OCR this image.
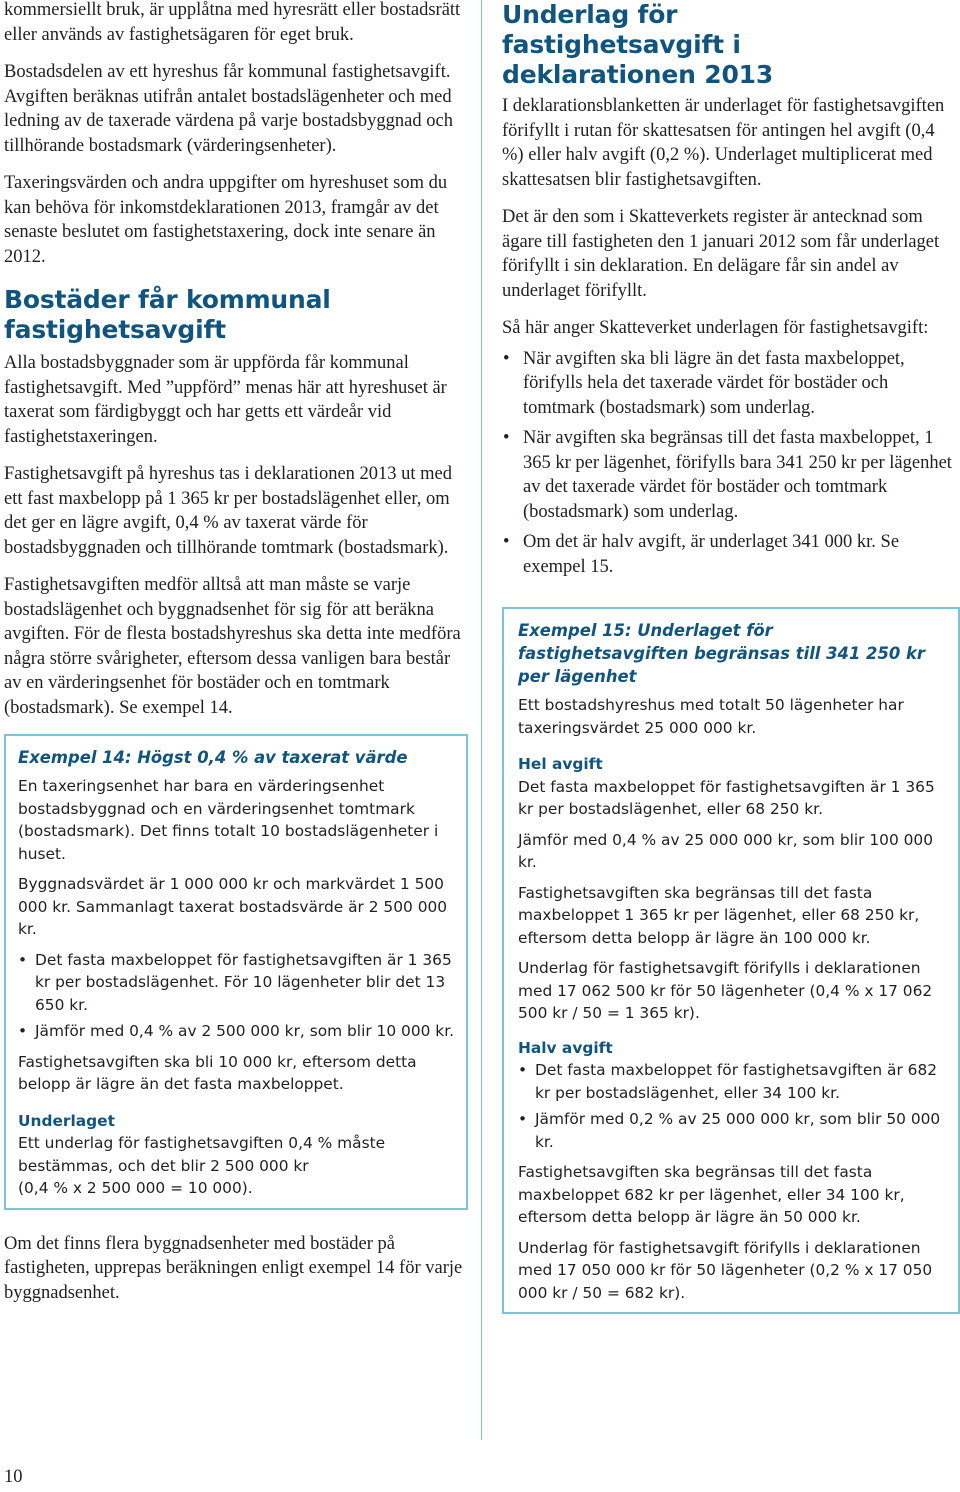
kommersiellt bruk, är upplåtna med hyresrätt eller bostadsrätt eller används av fastighetsägaren för eget bruk.

Bostadsdelen av ett hyreshus får kommunal fastighetsavgift. Avgiften beräknas utifrån antalet bostadslägenheter och med ledning av de taxerade värdena på varje bostadsbyggnad och tillhörande bostadsmark (värderingsenheter).

Taxeringsvärden och andra uppgifter om hyreshuset som du kan behöva för inkomstdeklarationen 2013, framgår av det senaste beslutet om fastighetstaxering, dock inte senare än 2012.

Bostäder får kommunal fastighetsavgift

Alla bostadsbyggnader som är uppförda får kommunal fastighetsavgift. Med ”uppförd” menas här att hyreshuset är taxerat som färdigbyggt och har getts ett värdeår vid fastighetstaxeringen.

Fastighetsavgift på hyreshus tas i deklarationen 2013 ut med ett fast maxbelopp på 1 365 kr per bostadslägenhet eller, om det ger en lägre avgift, 0,4 % av taxerat värde för bostadsbyggnaden och tillhörande tomtmark (bostadsmark).

Fastighetsavgiften medför alltså att man måste se varje bostadslägenhet och byggnadsenhet för sig för att beräkna avgiften. För de flesta bostadshyreshus ska detta inte medföra några större svårigheter, eftersom dessa vanligen bara består av en värderingsenhet för bostäder och en tomtmark (bostadsmark). Se exempel 14.

Exempel 14: Högst 0,4 % av taxerat värde

En taxeringsenhet har bara en värderingsenhet bostadsbyggnad och en värderingsenhet tomtmark (bostadsmark). Det finns totalt 10 bostadslägenheter i huset.

Byggnadsvärdet är 1 000 000 kr och markvärdet 1 500 000 kr. Sammanlagt taxerat bostadsvärde är 2 500 000 kr.

• Det fasta maxbeloppet för fastighetsavgiften är 1 365 kr per bostadslägenhet. För 10 lägenheter blir det 13 650 kr.
• Jämför med 0,4 % av 2 500 000 kr, som blir 10 000 kr.

Fastighetsavgiften ska bli 10 000 kr, eftersom detta belopp är lägre än det fasta maxbeloppet.

Underlaget

Ett underlag för fastighetsavgiften 0,4 % måste bestämmas, och det blir 2 500 000 kr

(0,4 % x 2 500 000 = 10 000).

Om det finns flera byggnadsenheter med bostäder på fastigheten, upprepas beräkningen enligt exempel 14 för varje byggnadsenhet.

Underlag för fastighetsavgift i deklarationen 2013

I deklarationsblanketten är underlaget för fastighetsavgiften förifyllt i rutan för skattesatsen för antingen hel avgift (0,4 %) eller halv avgift (0,2 %). Underlaget multiplicerat med skattesatsen blir fastighetsavgiften.

Det är den som i Skatteverkets register är antecknad som ägare till fastigheten den 1 januari 2012 som får underlaget förifyllt i sin deklaration. En delägare får sin andel av underlaget förifyllt.

Så här anger Skatteverket underlagen för fastighetsavgift:

• När avgiften ska bli lägre än det fasta maxbeloppet, förifylls hela det taxerade värdet för bostäder och tomtmark (bostadsmark) som underlag.
• När avgiften ska begränsas till det fasta maxbeloppet, 1 365 kr per lägenhet, förifylls bara 341 250 kr per lägenhet av det taxerade värdet för bostäder och tomtmark (bostadsmark) som underlag.
• Om det är halv avgift, är underlaget 341 000 kr. Se exempel 15.

Exempel 15: Underlaget för fastighetsavgiften begränsas till 341 250 kr per lägenhet

Ett bostadshyreshus med totalt 50 lägenheter har taxeringsvärdet 25 000 000 kr.

Hel avgift

Det fasta maxbeloppet för fastighetsavgiften är 1 365 kr per bostadslägenhet, eller 68 250 kr.

Jämför med 0,4 % av 25 000 000 kr, som blir 100 000 kr.

Fastighetsavgiften ska begränsas till det fasta maxbeloppet 1 365 kr per lägenhet, eller 68 250 kr, eftersom detta belopp är lägre än 100 000 kr.

Underlag för fastighetsavgift förifylls i deklarationen med 17 062 500 kr för 50 lägenheter (0,4 % x 17 062 500 kr / 50 = 1 365 kr).

Halv avgift

• Det fasta maxbeloppet för fastighetsavgiften är 682 kr per bostadslägenhet, eller 34 100 kr.
• Jämför med 0,2 % av 25 000 000 kr, som blir 50 000 kr.

Fastighetsavgiften ska begränsas till det fasta maxbeloppet 682 kr per lägenhet, eller 34 100 kr, eftersom detta belopp är lägre än 50 000 kr.

Underlag för fastighetsavgift förifylls i deklarationen med 17 050 000 kr för 50 lägenheter (0,2 % x 17 050 000 kr / 50 = 682 kr).

10
